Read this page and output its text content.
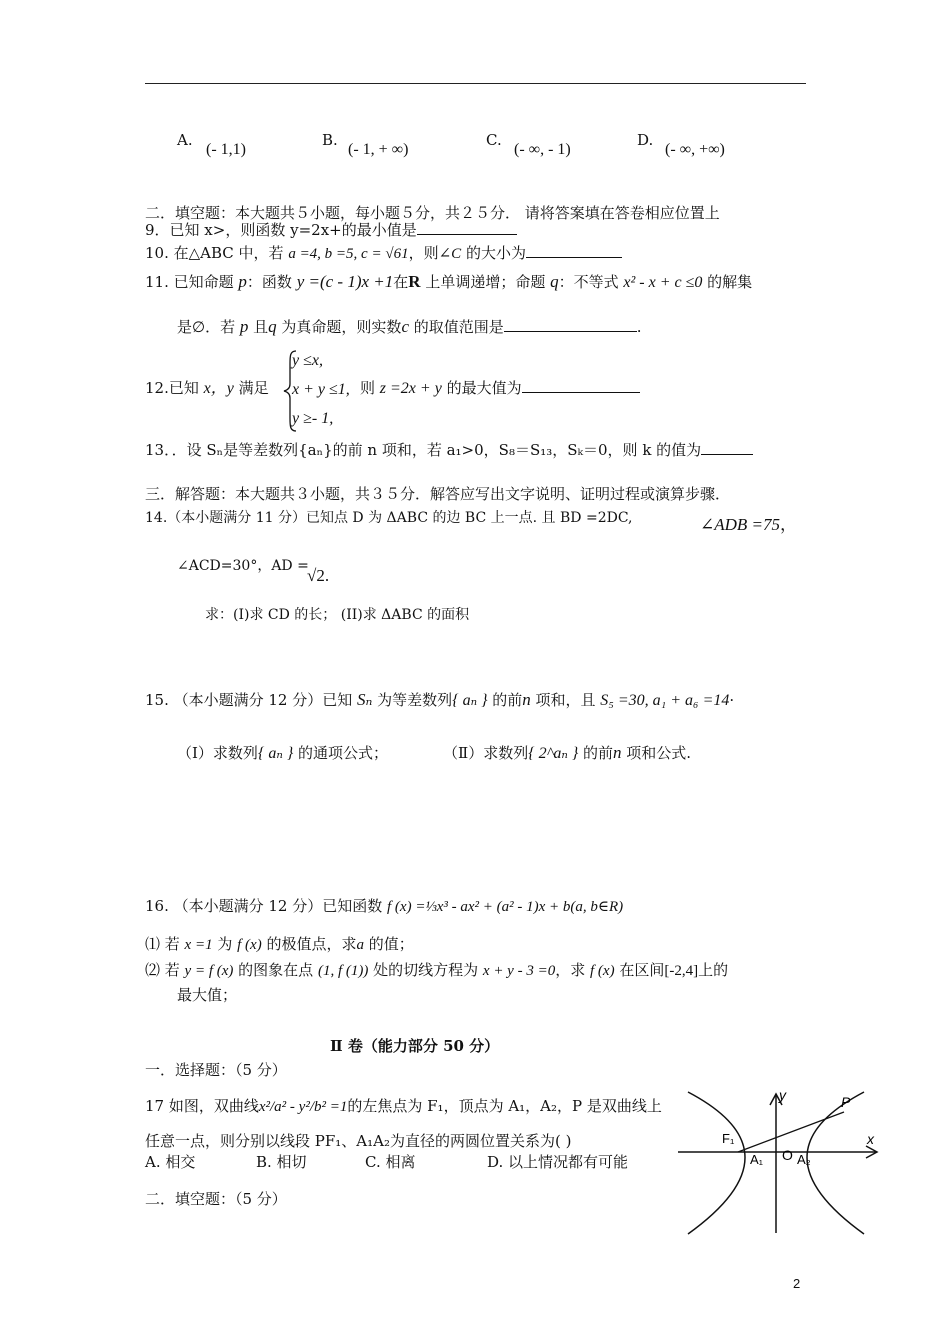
A.
(- 1,1)
B.
(- 1, + ∞)
C.
(- ∞, - 1)
D.
(- ∞, +∞)
二．填空题：本大题共５小题，每小题５分，共２５分． 请将答案填在答卷相应位置上
9．已知 x>，则函数 y=2x+的最小值是
10. 在△ABC 中，若 a =4, b =5, c = √61，则∠C 的大小为
11. 已知命题 p：函数 y =(c - 1)x +1在R 上单调递增；命题 q：不等式 x² - x + c ≤0 的解集
是∅．若 p 且q 为真命题，则实数c 的取值范围是	.
12.已知 x，y 满足
y ≤x,
x + y ≤1,
y ≥- 1,
则 z =2x + y 的最大值为
13．．设 Sₙ是等差数列{aₙ}的前 n 项和，若 a₁>0，S₈＝S₁₃，Sₖ＝0，则 k 的值为
三．解答题：本大题共３小题，共３５分．解答应写出文字说明、证明过程或演算步骤．
14.（本小题满分 11 分）已知点 D 为 ΔABC 的边 BC 上一点. 且 BD =2DC,	∠ADB =75，
∠ACD=30°，AD =
√2.
求：(I)求 CD 的长； (II)求 ΔABC 的面积
15. （本小题满分 12 分）已知 Sₙ 为等差数列{ aₙ } 的前n 项和，且 S₅ =30, a₁ + a₆ =14·
（Ⅰ）求数列{ aₙ } 的通项公式；	（Ⅱ）求数列{ 2^aₙ } 的前n 项和公式.
16. （本小题满分 12 分）已知函数 f (x) =⅓x³ - ax² + (a² - 1)x + b(a, b∈R)
⑴ 若 x =1 为 f (x) 的极值点，求a 的值；
⑵ 若 y = f (x) 的图象在点 (1, f (1)) 处的切线方程为 x + y - 3 =0，求 f (x) 在区间[-2,4]上的
最大值；
Ⅱ 卷（能力部分 50 分）
一．选择题：（5 分）
17 如图，双曲线x²/a² - y²/b² =1的左焦点为 F₁，顶点为 A₁，A₂，P 是双曲线上
任意一点，则分别以线段 PF₁、A₁A₂为直径的两圆位置关系为( )
A. 相交	B. 相切	C. 相离	D. 以上情况都有可能
二．填空题：（5 分）
y
x
P
F₁
A₁ O A₂
2
